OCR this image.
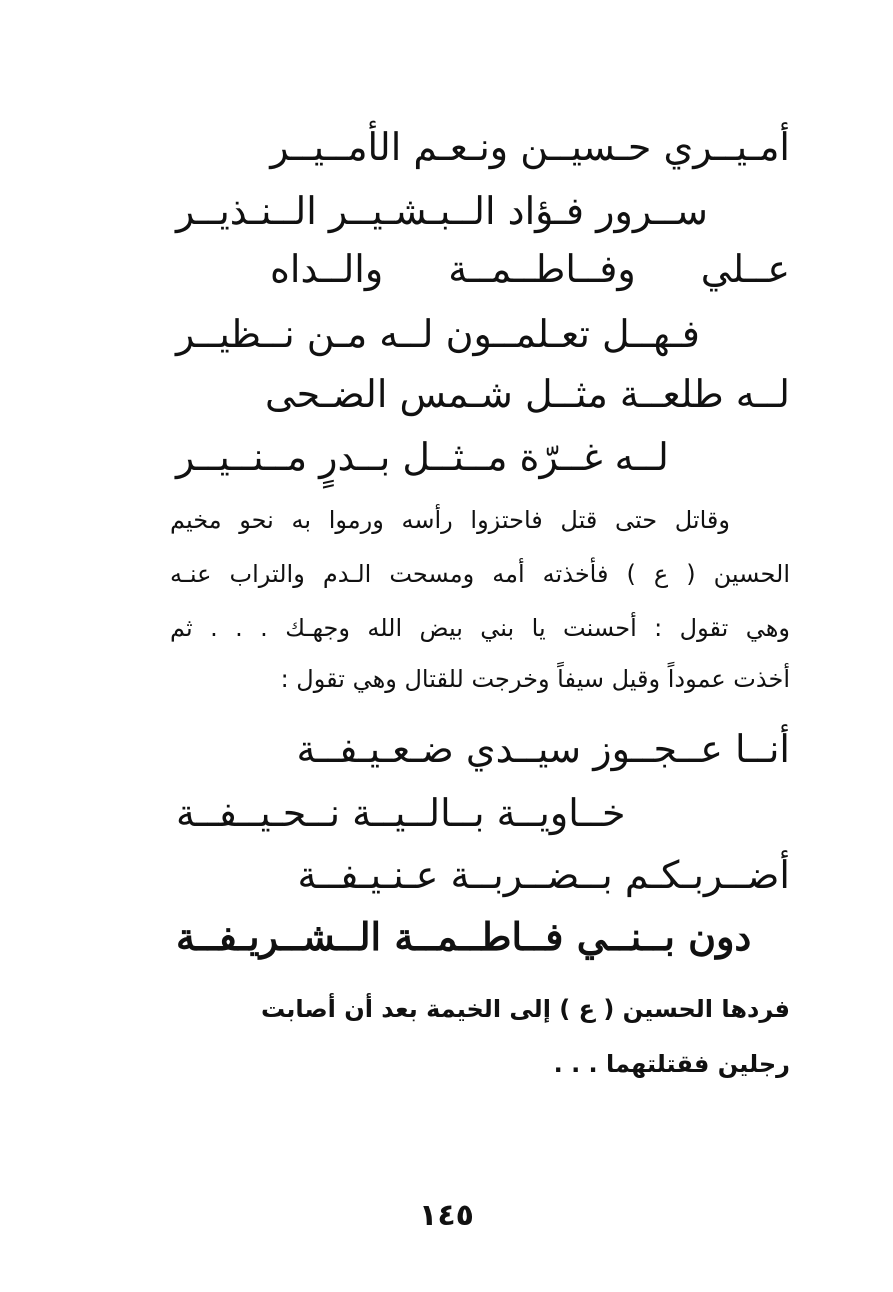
أمـيــري حـسيــن ونـعـم الأمــيــر
ســرور فـؤاد الــبـشـيــر الــنـذيــر
عــلي
وفــاطــمــة
والــداه
فـهــل تعـلمــون لــه مـن نــظيــر
لــه طلعــة مثــل شـمس الضـحى
لــه غــرّة مــثــل بــدرٍ مــنــيــر
وقاتل حتى قتل فاحتزوا رأسه ورموا به نحو مخيم
الحسين ( ع ) فأخذته أمه ومسحت الـدم والتراب عنـه
وهي تقول : أحسنت يا بني بيض الله وجهـك . . . ثم
أخذت عموداً وقيل سيفاً وخرجت للقتال وهي تقول :
أنــا عــجــوز سيــدي ضـعـيـفــة
خــاويــة بــالــيــة نــحـيــفــة
أضــربـكـم بــضــربــة عـنـيـفــة
دون بــنــي فــاطــمــة الــشــريـفــة
فردها الحسين ( ع ) إلى الخيمة بعد أن أصابت
رجلين فقتلتهما . . .
١٤٥
